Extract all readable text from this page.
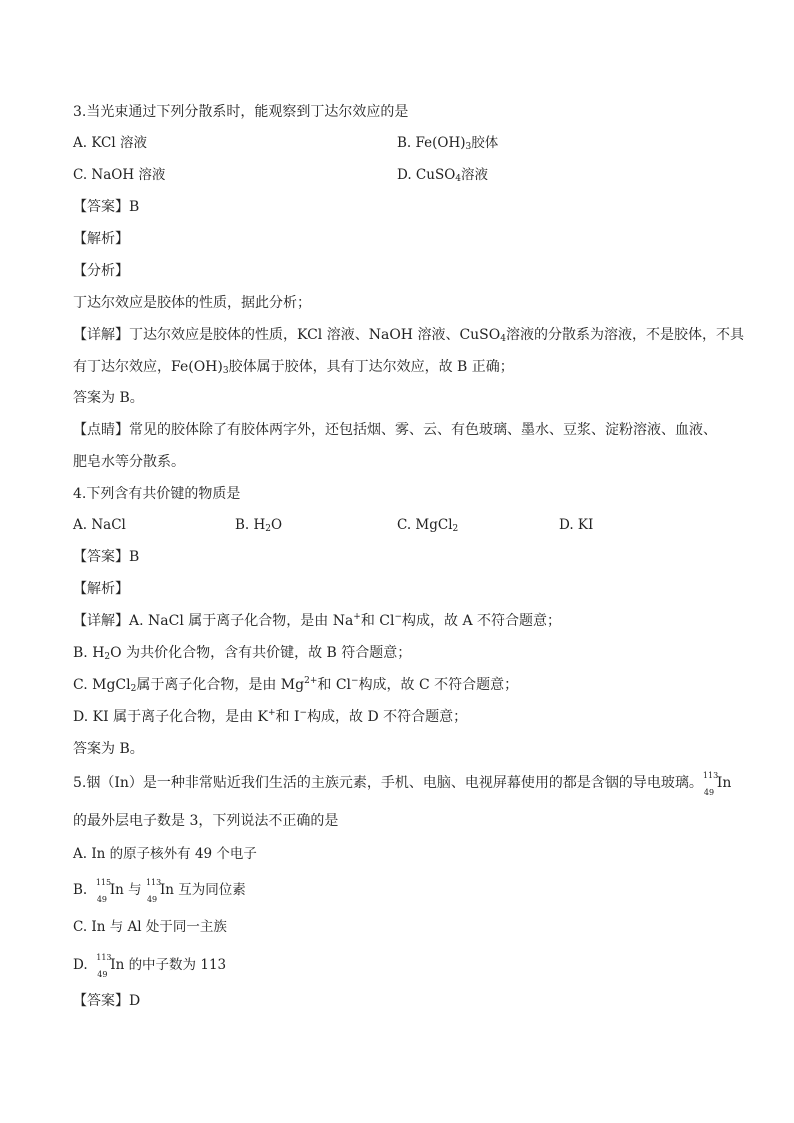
3.当光束通过下列分散系时，能观察到丁达尔效应的是
A. KCl 溶液	B. $Fe(OH)_3$胶体
C. NaOH 溶液	D. CuSO$_4$溶液
【答案】B
【解析】
【分析】
丁达尔效应是胶体的性质，据此分析；
【详解】丁达尔效应是胶体的性质，KCl 溶液、NaOH 溶液、CuSO$_4$溶液的分散系为溶液，不是胶体，不具
有丁达尔效应，$Fe(OH)_3$胶体属于胶体，具有丁达尔效应，故 B 正确；
答案为 B。
【点睛】常见的胶体除了有胶体两字外，还包括烟、雾、云、有色玻璃、墨水、豆浆、淀粉溶液、血液、
肥皂水等分散系。
4.下列含有共价键的物质是
A. NaCl	B. $H_2O$	C. MgCl$_2$	D. KI
【答案】B
【解析】
【详解】A. NaCl 属于离子化合物，是由 Na+和 Cl−构成，故 A 不符合题意；
B. $H_2O$ 为共价化合物，含有共价键，故 B 符合题意；
C. MgCl$_2$属于离子化合物，是由 $Mg^{2+}$和 Cl−构成，故 C 不符合题意；
D. KI 属于离子化合物，是由 K+和 I−构成，故 D 不符合题意；
答案为 B。
5.铟（In）是一种非常贴近我们生活的主族元素，手机、电脑、电视屏幕使用的都是含铟的导电玻璃。 113
49
In
的最外层电子数是 3，下列说法不正确的是
A. In 的原子核外有 49 个电子
B. 115
49
In 与 113
49
In 互为同位素
C. In 与 Al 处于同一主族
D. 113
49
In 的中子数为 113
【答案】D
